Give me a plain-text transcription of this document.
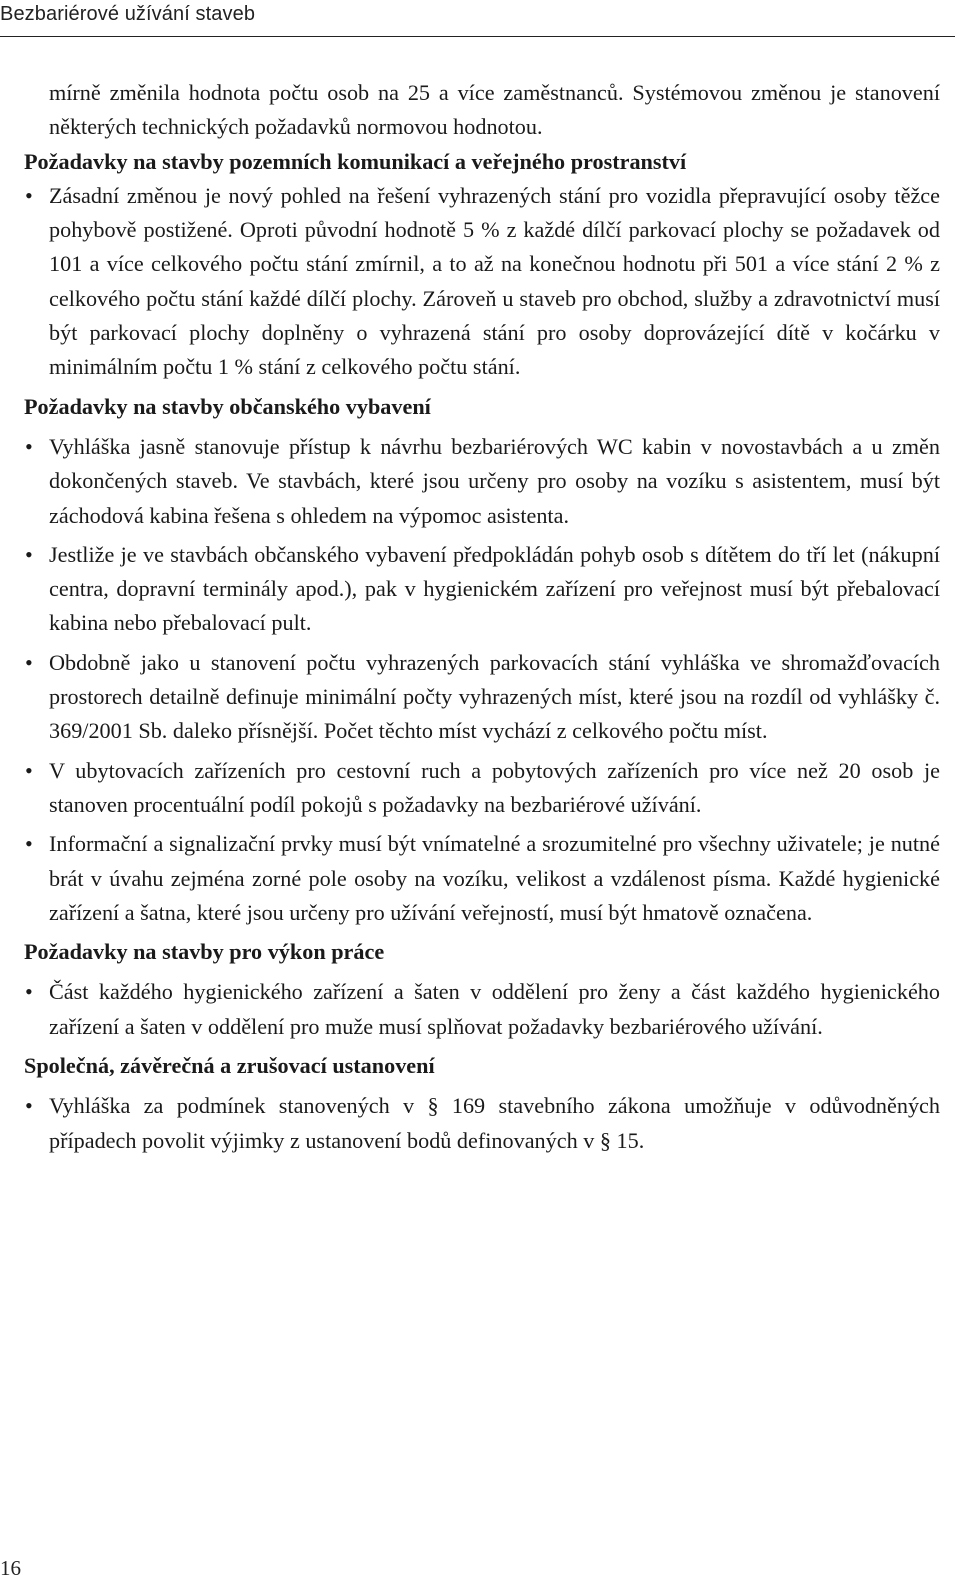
Bezbariérové užívání staveb

mírně změnila hodnota počtu osob na 25 a více zaměstnanců. Systémovou změnou je stanovení některých technických požadavků normovou hodnotou.

Požadavky na stavby pozemních komunikací a veřejného prostranství
• Zásadní změnou je nový pohled na řešení vyhrazených stání pro vozidla přepravující osoby těžce pohybově postižené. Oproti původní hodnotě 5 % z každé dílčí parkovací plochy se požadavek od 101 a více celkového počtu stání zmírnil, a to až na konečnou hodnotu při 501 a více stání 2 % z celkového počtu stání každé dílčí plochy. Zároveň u staveb pro obchod, služby a zdravotnictví musí být parkovací plochy doplněny o vyhrazená stání pro osoby doprovázející dítě v kočárku v minimálním počtu 1 % stání z celkového počtu stání.
Požadavky na stavby občanského vybavení
• Vyhláška jasně stanovuje přístup k návrhu bezbariérových WC kabin v novostavbách a u změn dokončených staveb. Ve stavbách, které jsou určeny pro osoby na vozíku s asistentem, musí být záchodová kabina řešena s ohledem na výpomoc asistenta.
• Jestliže je ve stavbách občanského vybavení předpokládán pohyb osob s dítětem do tří let (nákupní centra, dopravní terminály apod.), pak v hygienickém zařízení pro veřejnost musí být přebalovací kabina nebo přebalovací pult.
• Obdobně jako u stanovení počtu vyhrazených parkovacích stání vyhláška ve shromažďovacích prostorech detailně definuje minimální počty vyhrazených míst, které jsou na rozdíl od vyhlášky č. 369/2001 Sb. daleko přísnější. Počet těchto míst vychází z celkového počtu míst.
• V ubytovacích zařízeních pro cestovní ruch a pobytových zařízeních pro více než 20 osob je stanoven procentuální podíl pokojů s požadavky na bezbariérové užívání.
• Informační a signalizační prvky musí být vnímatelné a srozumitelné pro všechny uživatele; je nutné brát v úvahu zejména zorné pole osoby na vozíku, velikost a vzdálenost písma. Každé hygienické zařízení a šatna, které jsou určeny pro užívání veřejností, musí být hmatově označena.
Požadavky na stavby pro výkon práce
• Část každého hygienického zařízení a šaten v oddělení pro ženy a část každého hygienického zařízení a šaten v oddělení pro muže musí splňovat požadavky bezbariérového užívání.
Společná, závěrečná a zrušovací ustanovení
• Vyhláška za podmínek stanovených v § 169 stavebního zákona umožňuje v odůvodněných případech povolit výjimky z ustanovení bodů definovaných v § 15.
16
